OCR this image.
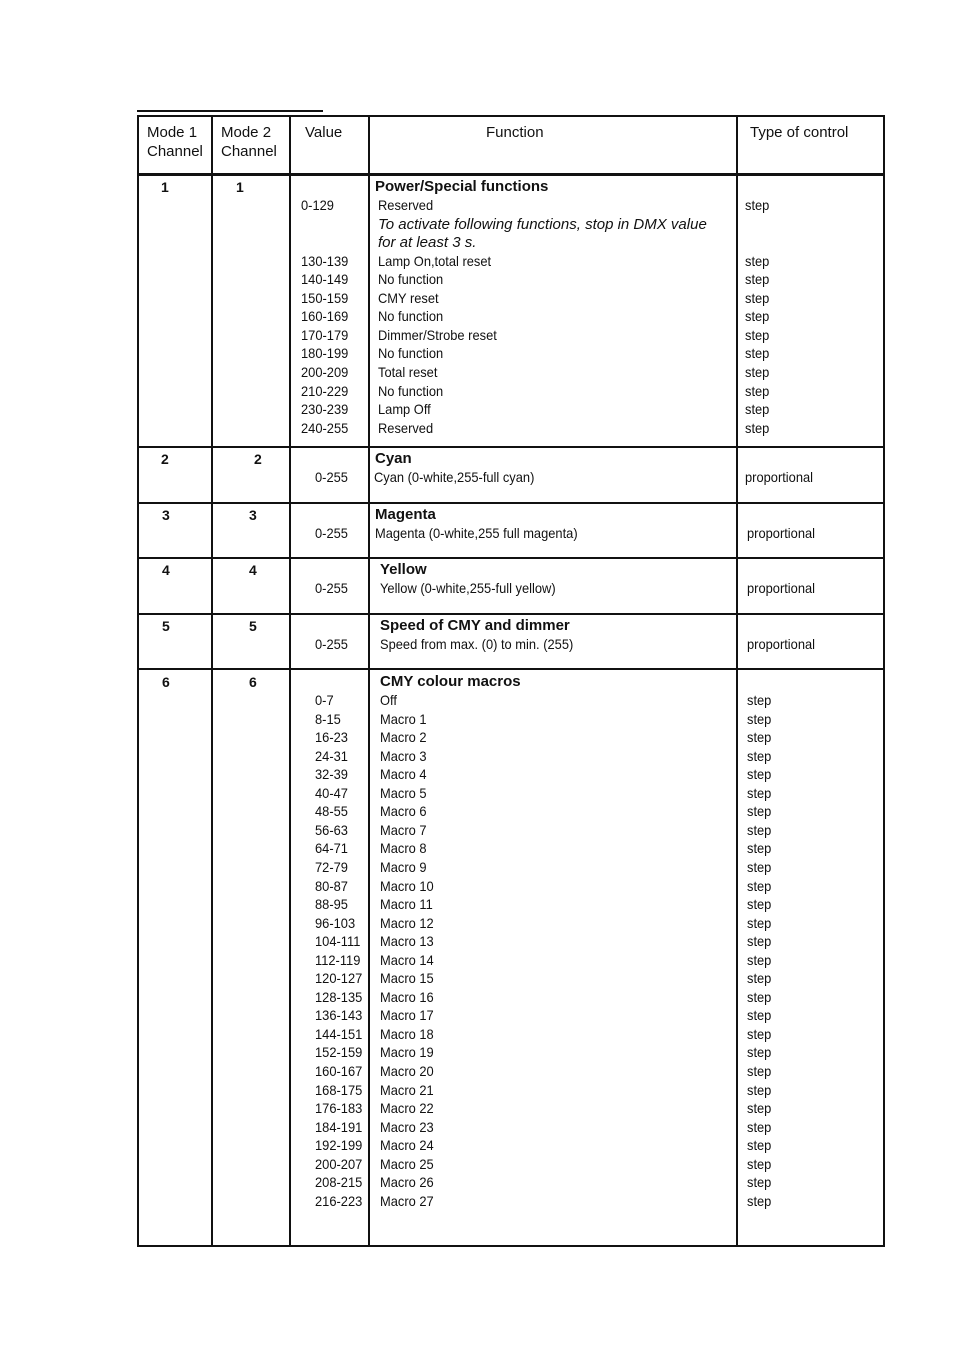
Mode 1
Channel
Mode 2
Channel
Value	Function	Type of control
1	1	Power/Special functions
0-129	Reserved	step
To activate following functions, stop in DMX value
for at least 3 s.
130-139 Lamp On,total reset	step
140-149 No function	step
150-159 CMY reset	step
160-169 No function	step
170-179 Dimmer/Strobe reset	step
180-199 No function	step
200-209 Total reset	step
210-229 No function	step
230-239 Lamp Off	step
240-255 Reserved	step
2	2	Cyan
0-255 Cyan (0-white,255-full cyan)	proportional
3	3	Magenta
0-255 Magenta (0-white,255 full magenta)	proportional
4	4	Yellow
0-255 Yellow (0-white,255-full yellow)	proportional
5	5	Speed of CMY and dimmer
0-255 Speed from max. (0) to min. (255)	proportional
6	6	CMY colour macros
0-7	Off	step
8-15	Macro 1	step
16-23 Macro 2	step
24-31 Macro 3	step
32-39 Macro 4	step
40-47 Macro 5	step
48-55 Macro 6	step
56-63 Macro 7	step
64-71 Macro 8	step
72-79 Macro 9	step
80-87 Macro 10	step
88-95 Macro 11	step
96-103 Macro 12	step
104-111 Macro 13	step
112-119 Macro 14	step
120-127 Macro 15	step
128-135 Macro 16	step
136-143 Macro 17	step
144-151 Macro 18	step
152-159 Macro 19	step
160-167 Macro 20	step
168-175 Macro 21	step
176-183 Macro 22	step
184-191 Macro 23	step
192-199 Macro 24	step
200-207 Macro 25	step
208-215 Macro 26	step
216-223 Macro 27	step
